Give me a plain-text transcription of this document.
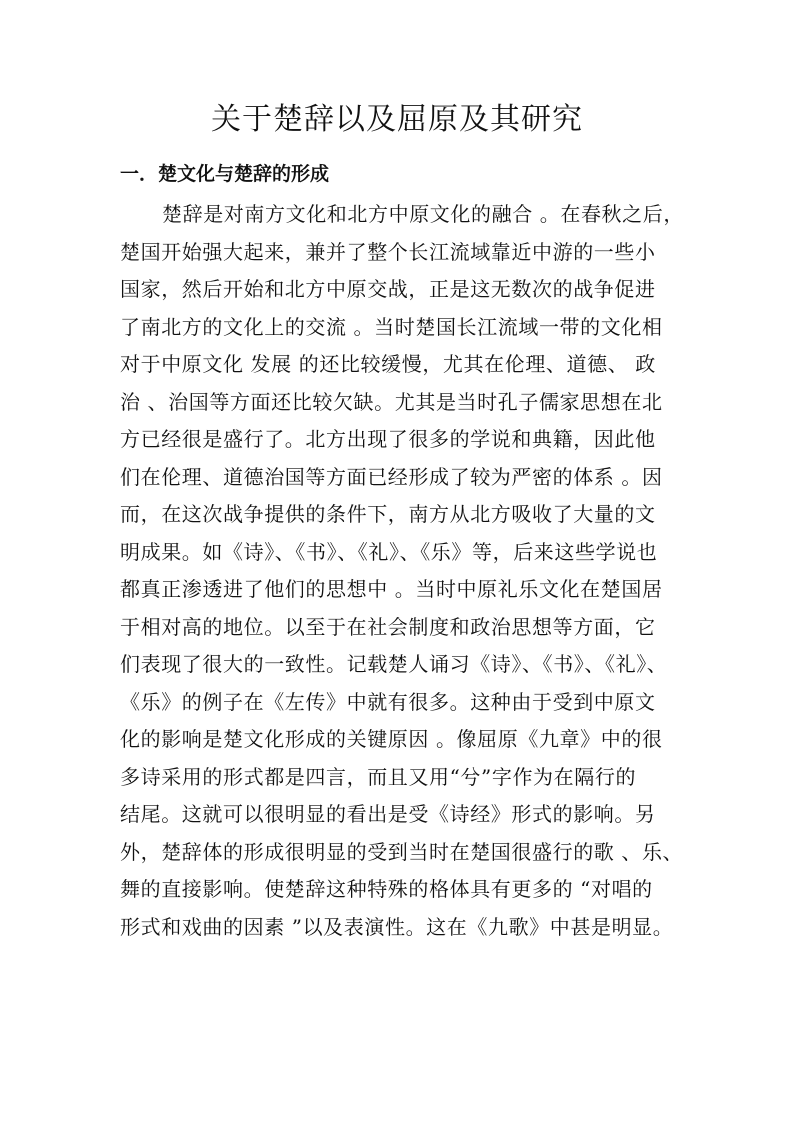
关于楚辞以及屈原及其研究
一．楚文化与楚辞的形成
楚辞是对南方文化和北方中原文化的融合 。在春秋之后，
楚国开始强大起来，兼并了整个长江流域靠近中游的一些小
国家，然后开始和北方中原交战，正是这无数次的战争促进
了南北方的文化上的交流 。当时楚国长江流域一带的文化相
对于中原文化 发展 的还比较缓慢，尤其在伦理、道德、 政
治 、治国等方面还比较欠缺。尤其是当时孔子儒家思想在北
方已经很是盛行了。北方出现了很多的学说和典籍，因此他
们在伦理、道德治国等方面已经形成了较为严密的体系 。因
而，在这次战争提供的条件下，南方从北方吸收了大量的文
明成果。如《诗》、《书》、《礼》、《乐》等，后来这些学说也
都真正渗透进了他们的思想中 。当时中原礼乐文化在楚国居
于相对高的地位。以至于在社会制度和政治思想等方面，它
们表现了很大的一致性。记载楚人诵习《诗》、《书》、《礼》、
《乐》的例子在《左传》中就有很多。这种由于受到中原文
化的影响是楚文化形成的关键原因 。像屈原《九章》中的很
多诗采用的形式都是四言，而且又用“兮”字作为在隔行的
结尾。这就可以很明显的看出是受《诗经》形式的影响。另
外，楚辞体的形成很明显的受到当时在楚国很盛行的歌 、乐、
舞的直接影响。使楚辞这种特殊的格体具有更多的 “对唱的
形式和戏曲的因素 ”以及表演性。这在《九歌》中甚是明显。
